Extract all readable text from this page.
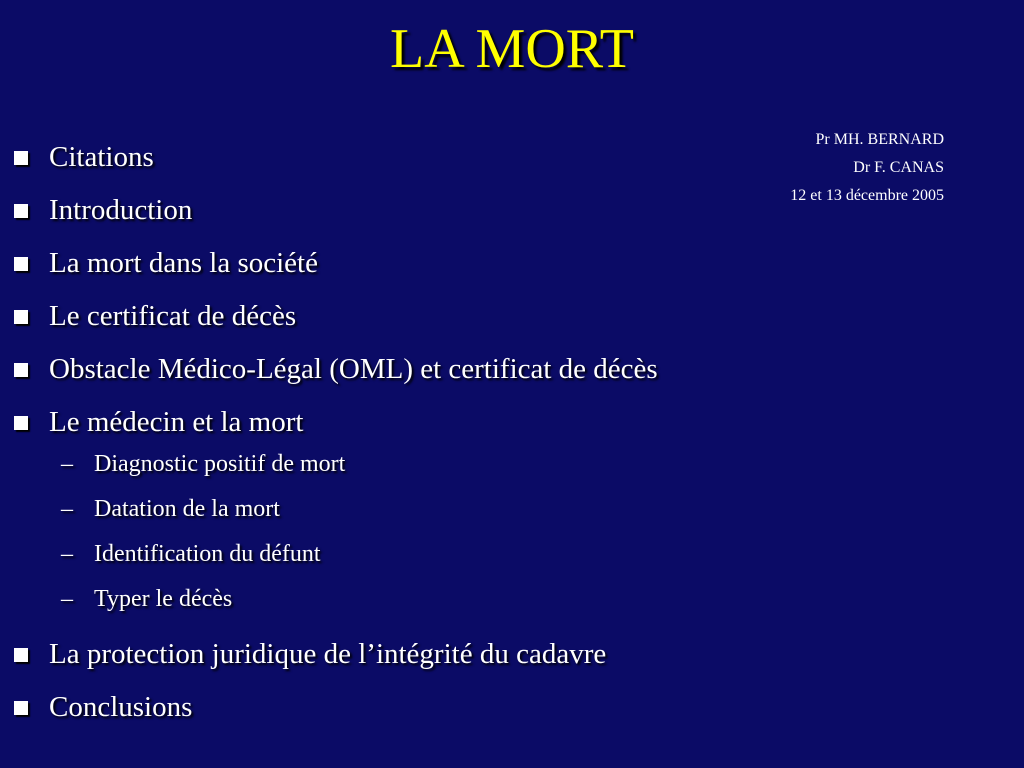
LA MORT
Pr MH. BERNARD
Dr F. CANAS
12 et 13 décembre 2005
Citations
Introduction
La mort dans la société
Le certificat de décès
Obstacle Médico-Légal (OML) et certificat de décès
Le médecin et la mort
– Diagnostic positif de mort
– Datation de la mort
– Identification du défunt
– Typer le décès
La protection juridique de l’intégrité du cadavre
Conclusions
